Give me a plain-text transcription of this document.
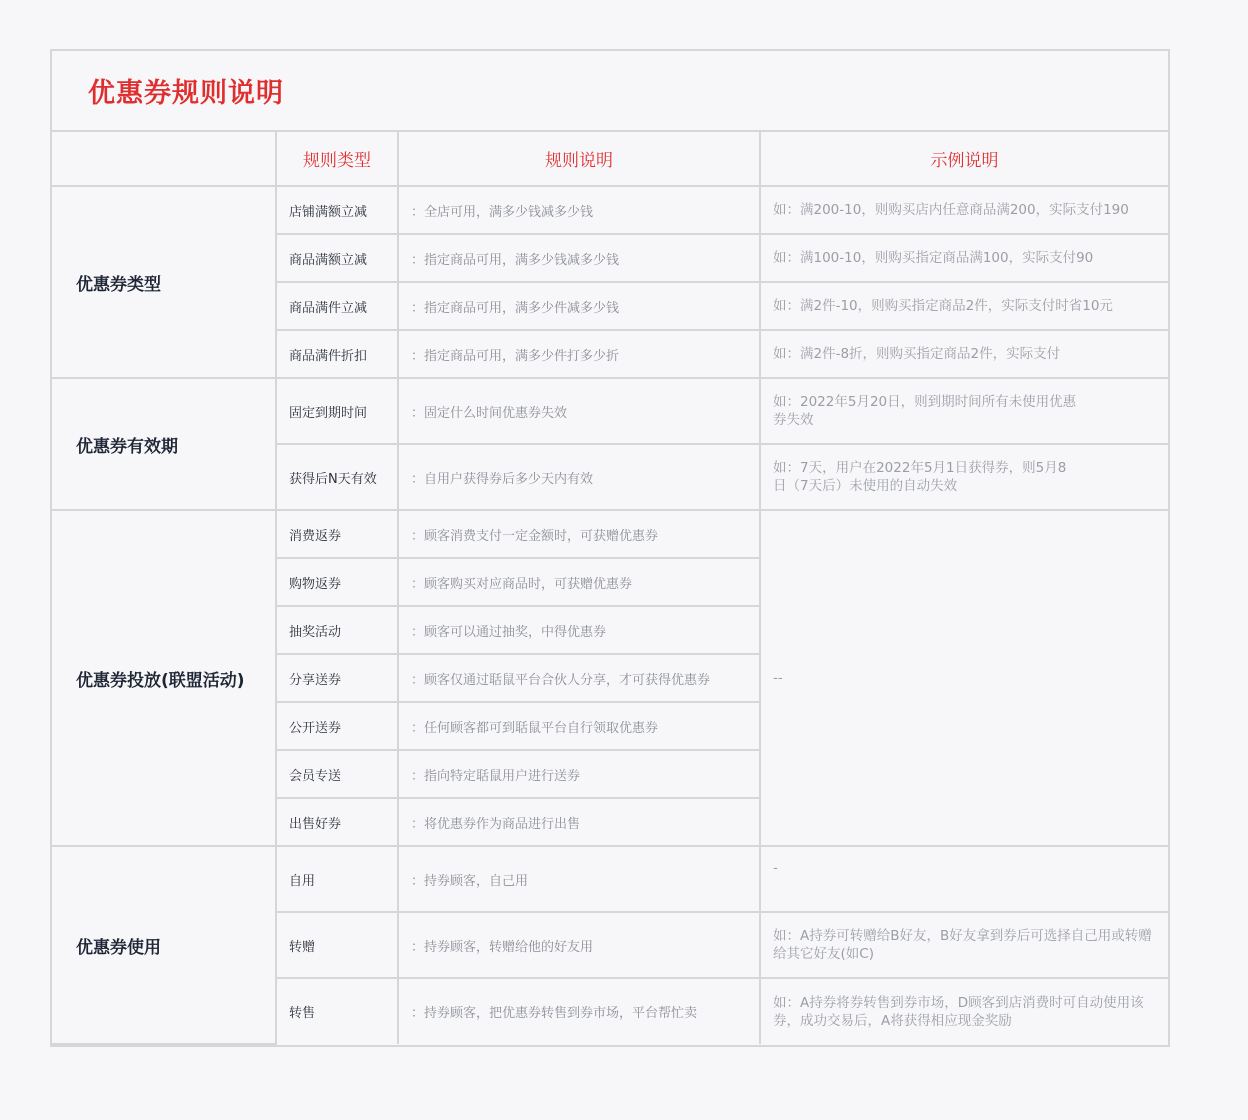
优惠券规则说明
	规则类型	规则说明	示例说明
优惠券类型	店铺满额立减	：全店可用，满多少钱减多少钱	如：满200-10，则购买店内任意商品满200，实际支付190
	商品满额立减	：指定商品可用，满多少钱减多少钱	如：满100-10，则购买指定商品满100，实际支付90
	商品满件立减	：指定商品可用，满多少件减多少钱	如：满2件-10，则购买指定商品2件，实际支付时省10元
	商品满件折扣	：指定商品可用，满多少件打多少折	如：满2件-8折，则购买指定商品2件，实际支付
优惠券有效期	固定到期时间	：固定什么时间优惠券失效	如：2022年5月20日，则到期时间所有未使用优惠券失效
	获得后N天有效	：自用户获得券后多少天内有效	如：7天，用户在2022年5月1日获得券，则5月8日（7天后）未使用的自动失效
优惠券投放(联盟活动)	消费返券	：顾客消费支付一定金额时，可获赠优惠券	--
	购物返券	：顾客购买对应商品时，可获赠优惠券	
	抽奖活动	：顾客可以通过抽奖，中得优惠券	
	分享送券	：顾客仅通过聒鼠平台合伙人分享，才可获得优惠券	
	公开送券	：任何顾客都可到聒鼠平台自行领取优惠券	
	会员专送	：指向特定聒鼠用户进行送券	
	出售好券	：将优惠券作为商品进行出售	
优惠券使用	自用	：持券顾客，自己用	-
	转赠	：持券顾客，转赠给他的好友用	如：A持券可转赠给B好友，B好友拿到券后可选择自己用或转赠给其它好友(如C)
	转售	：持券顾客，把优惠券转售到券市场，平台帮忙卖	如：A持券将券转售到券市场，D顾客到店消费时可自动使用该券，成功交易后，A将获得相应现金奖励
